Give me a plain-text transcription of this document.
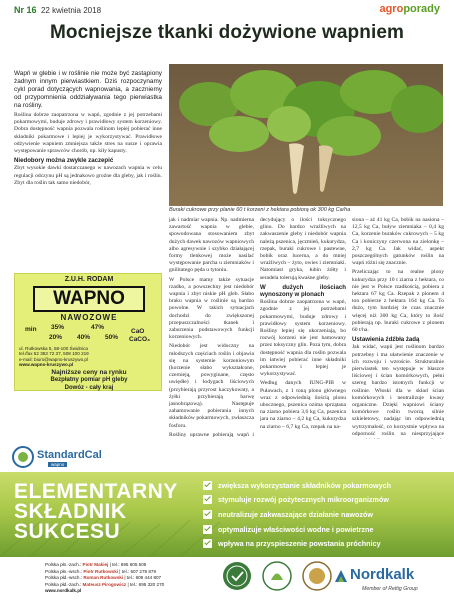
Nr 16 22 kwietnia 2018	agroporady
Mocniejsze tkanki dożywione wapniem

Wapń w glebie i w roślinie nie może być zastąpiony żadnym innym pierwiastkiem. Dziś rozpoczynamy cykl porad dotyczących wapnowania, a zaczniemy od przypomnienia oddziaływania tego pierwiastka na rośliny.

Roślina dobrze zaopatrzona w wapń, zgodnie z jej potrzebami pokarmowymi, buduje zdrowy i prawidłowy system korzeniowy. Dobra dostępność wapnia pozwala roślinom lepiej pobierać inne składniki pokarmowe i lepiej je wykorzystywać. Prawidłowe odżywienie wapniem zmniejsza także stres na susze i oprawia występowanie sprawców chorób, np. kiły kapusty.

Niedobory można zwykle zaczepić

Zbyt wysokie dawki dostarczanego w nawozach wapnia w celu regulacji odczynu pH są jednakowo groźne dla gleby, jak i roślin. Zbyt dla roślin tak samo niedobór,

Z.U.H. RODAM
WAPNO
NAWOZOWE
min 35%	47%
CaO
20% 40% 50% CaCO₃
ul. Rutkowska 5, 58-100 Świdnica
tel./fax 52 353 72 37, 508 100 219
e-mail: biuro@wapno-kruszywo.pl
www.wapno-kruszywo.pl
Najniższe ceny na rynku
Bezpłatny pomiar pH gleby
Dowóz - cały kraj
Buraki cukrowe przy planie 60 t korzeni z hektara pobiorą ok 300 kg Ca/ha

jak i nadmiar wapnia. Np. nadmierna zawartość wapnia w glebie, spowodowana stosowaniem zbyt dużych dawek nawozów wapniowych albo agresywnie i szybko działającej formy tlenkowej może nasilać występowanie parcha u ziemniaków i gnilitatego pęda u tytoniu.

W Polsce mamy także sytuacje rzadko, a powszechny jest niedobór wapnia i zbyt niskie pH gleb. Słabo braku wapnia w roślinie są bardzo powolne. W takich sytuacjach dochodzi do zwiększonej przepuszczalności tkanek i zaburzenia podstawowych funkcji korzeniowych.

Niedobór jest widoczny na młodszych częściach roślin i objawia się na systemie korzeniowym (korzenie słabo wykształcone, czernieją, powyginane, często uwiędłe) i łodygach liściowych (przybierają przyrost kaczykowaty, a żyłki przybierają barwę jasnobrązową). Następuje zahamowanie pobierania innych składników pokarmowych, zwłaszcza fosforu.

Rośliny uprawne pobierają wapń i

decydujący o ilości toksycznego glinu. Do bardzo wrażliwych na zakwaszenie gleby i niedobór wapnia należą pszenica, jęczmień, kukurydza, rzepak, buraki cukrowe i pastewne, bobik oraz lucerna, a do mniej wrażliwych – żyto, owies i ziemniaki. Natomiast gryka, łubin żółty i seradela tolerują kwaśne gleby.

W dużych ilościach wynoszony w plonach

Roślina dobrze zaopatrzona w wapń, zgodnie z jej potrzebami pokarmowymi, buduje zdrowy i prawidłowy system korzeniowy. Rośliny lepiej się ukorzeniają, bo rozwój korzeni nie jest hamowany przez toksyczny glin. Poza tym, dobra dostępność wapnia dla roślin pozwala im łatwiej pobierać inne składniki pokarmowe i lepiej je wykorzystywać.

Według danych IUNG-PIB w Puławach, z 1 toną plonu głównego wraz z odpowiednią ilością plonu ubocznego, pszenica ozima sprzątana na ziarno pobiera 3,6 kg Ca, pszenica jara na ziarno – 4,2 kg Ca, kukurydza na ziarno – 6,7 kg Ca, rzepak na na-

siona – aż 41 kg Ca, bobik na nasiona – 12,5 kg Ca, buływ ziemniaka – 0,4 kg Ca, korzenie buraków cukrowych – 5 kg Ca i koniczyny czerwona na zielonkę – 2,7 kg Ca. Jak widać, aspekt poszczególnych gatunków roślin na wapń różni się znacznie.

Przeliczając to na realne plony kukurydza przy 10 t ziarna z hektara, co nie jest w Polsce rzadkością, pobiera z hektara 67 kg Ca. Rzepak z plonem 4 ton pobierze z hektara 164 kg Ca. To dużo, tym bardziej że czas znacznie więcej niż 300 kg Ca, który to ilość pobierają np. buraki cukrowe z plonem 60 t/ha.

Ustawienia źdźbła żadą

Jak widać, wapń jest roślinom bardzo potrzebny i ma ułatwienie znaczenie w ich rozwoju i wzroście. Strukturalnie pierwiastek ten występuje w błaszce liściowej i ścian komórkowych, pełni szereg bardzo istotnych funkcji w roślinie. Włoski dla w skład ścian komórkowych i neutralizuje kwasy organiczne. Dzięki wapniowi ściany komórkowe roślin tworzą silnie szkieletowy, nadając im odpowiednią wytrzymałość, co korzystnie wpływa na odporność roślin na niesprzyjające

StandardCal
wapno
ELEMENTARNY
SKŁADNIK
SUKCESU
zwiększa wykorzystanie składników pokarmowych
stymuluje rozwój pożytecznych mikroorganizmów
neutralizuje zakwaszające działanie nawozów
optymalizuje właściwości wodne i powietrzne
wpływa na przyspieszenie powstania próchnicy
Polska płn.-zach.: Piotr Makiej | tel.: 695 605 505
Polska płn.-wsch.: Piotr Rutkowski | tel.: 607 278 879
Polska płd.-wsch.: Roman Rutkowski | tel.: 609 444 807
Polska płd.-zach.: Mateusz Pirogowicz | tel.: 695 320 270
www.nordkalk.pl
Nordkalk
Member of Rettig Group
